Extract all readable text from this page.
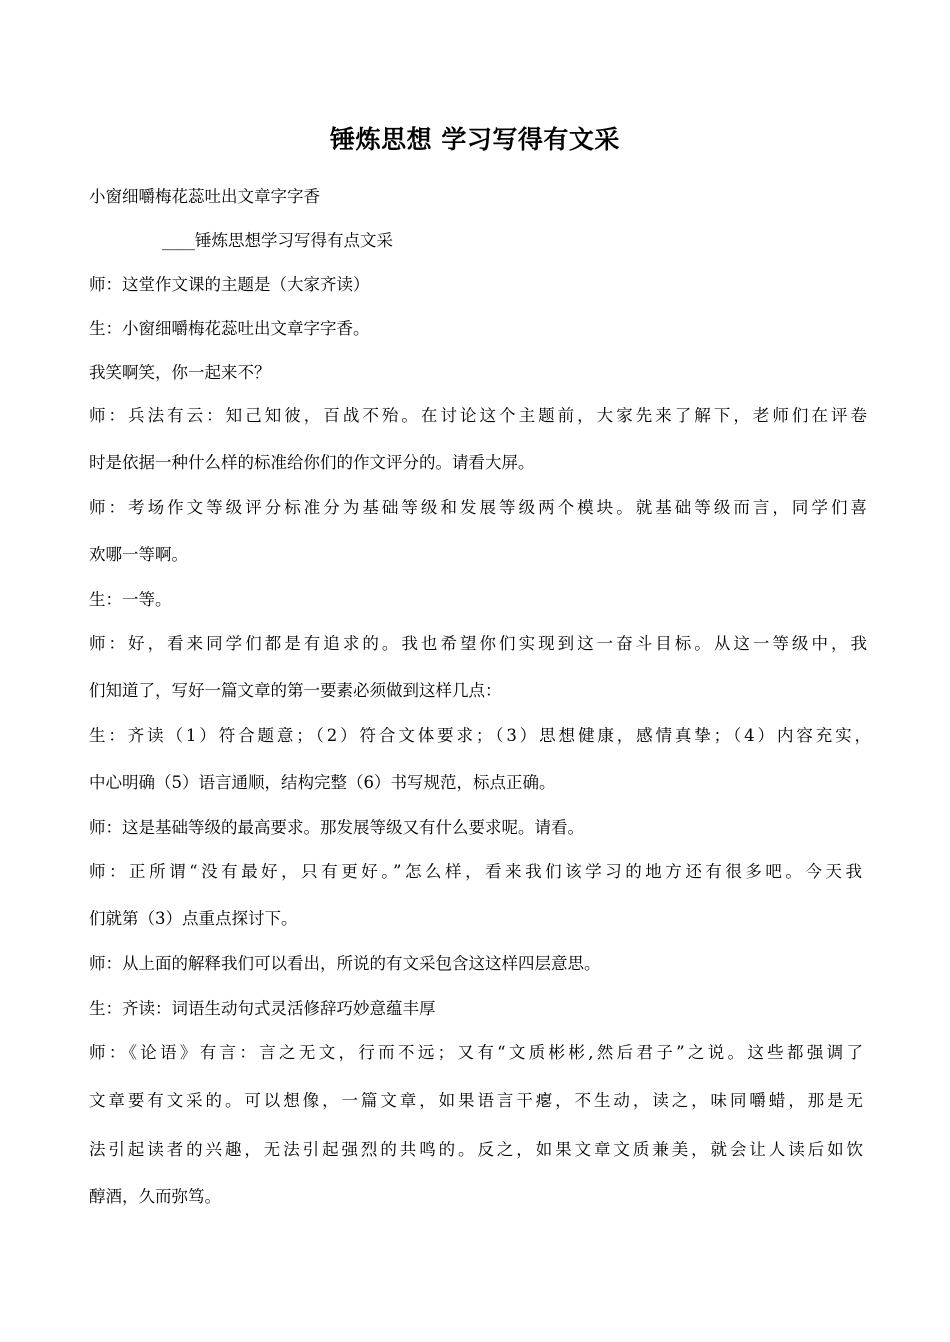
锤炼思想 学习写得有文采
小窗细嚼梅花蕊吐出文章字字香
____锤炼思想学习写得有点文采
师：这堂作文课的主题是（大家齐读）
生：小窗细嚼梅花蕊吐出文章字字香。
我笑啊笑，你一起来不？
师：兵法有云：知己知彼，百战不殆。在讨论这个主题前，大家先来了解下，老师们在评卷
时是依据一种什么样的标准给你们的作文评分的。请看大屏。
师：考场作文等级评分标准分为基础等级和发展等级两个模块。就基础等级而言，同学们喜
欢哪一等啊。
生：一等。
师：好，看来同学们都是有追求的。我也希望你们实现到这一奋斗目标。从这一等级中，我
们知道了，写好一篇文章的第一要素必须做到这样几点：
生：齐读（1）符合题意；（2）符合文体要求；（3）思想健康，感情真挚；（4）内容充实，
中心明确（5）语言通顺，结构完整（6）书写规范，标点正确。
师：这是基础等级的最高要求。那发展等级又有什么要求呢。请看。
师：正所谓“没有最好，只有更好。”怎么样，看来我们该学习的地方还有很多吧。今天我
们就第（3）点重点探讨下。
师：从上面的解释我们可以看出，所说的有文采包含这这样四层意思。
生：齐读：词语生动句式灵活修辞巧妙意蕴丰厚
师：《论语》有言：言之无文，行而不远；又有“文质彬彬,然后君子”之说。这些都强调了
文章要有文采的。可以想像，一篇文章，如果语言干瘪，不生动，读之，味同嚼蜡，那是无
法引起读者的兴趣，无法引起强烈的共鸣的。反之，如果文章文质兼美，就会让人读后如饮
醇酒，久而弥笃。
